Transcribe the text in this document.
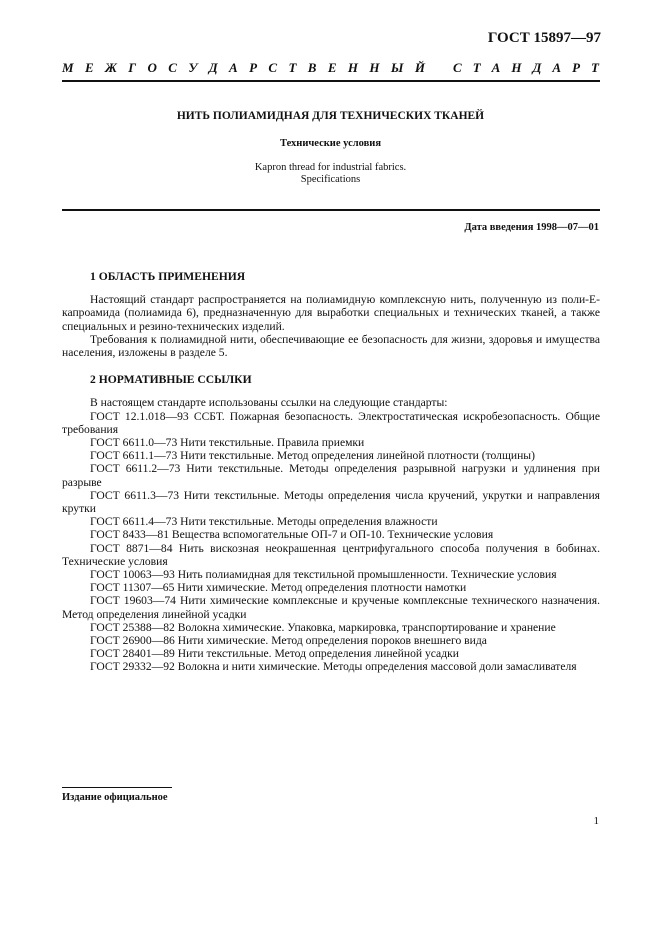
ГОСТ 15897—97
М Е Ж Г О С У Д А Р С Т В Е Н Н Ы Й С Т А Н Д А Р Т
НИТЬ ПОЛИАМИДНАЯ ДЛЯ ТЕХНИЧЕСКИХ ТКАНЕЙ
Технические условия
Kapron thread for industrial fabrics.
Specifications
Дата введения 1998—07—01
1 ОБЛАСТЬ ПРИМЕНЕНИЯ

Настоящий стандарт распространяется на полиамидную комплексную нить, полученную из поли-Е-капроамида (полиамида 6), предназначенную для выработки специальных и технических тканей, а также специальных и резино-технических изделий.

Требования к полиамидной нити, обеспечивающие ее безопасность для жизни, здоровья и имущества населения, изложены в разделе 5.

2 НОРМАТИВНЫЕ ССЫЛКИ

В настоящем стандарте использованы ссылки на следующие стандарты:

ГОСТ 12.1.018—93 ССБТ. Пожарная безопасность. Электростатическая искробезопасность. Общие требования

ГОСТ 6611.0—73 Нити текстильные. Правила приемки

ГОСТ 6611.1—73 Нити текстильные. Метод определения линейной плотности (толщины)

ГОСТ 6611.2—73 Нити текстильные. Методы определения разрывной нагрузки и удлинения при разрыве

ГОСТ 6611.3—73 Нити текстильные. Методы определения числа кручений, укрутки и направления крутки

ГОСТ 6611.4—73 Нити текстильные. Методы определения влажности

ГОСТ 8433—81 Вещества вспомогательные ОП-7 и ОП-10. Технические условия

ГОСТ 8871—84 Нить вискозная неокрашенная центрифугального способа получения в бобинах. Технические условия

ГОСТ 10063—93 Нить полиамидная для текстильной промышленности. Технические условия

ГОСТ 11307—65 Нити химические. Метод определения плотности намотки

ГОСТ 19603—74 Нити химические комплексные и крученые комплексные технического назначения. Метод определения линейной усадки

ГОСТ 25388—82 Волокна химические. Упаковка, маркировка, транспортирование и хранение

ГОСТ 26900—86 Нити химические. Метод определения пороков внешнего вида

ГОСТ 28401—89 Нити текстильные. Метод определения линейной усадки

ГОСТ 29332—92 Волокна и нити химические. Методы определения массовой доли замасливателя

Издание официальное
1
